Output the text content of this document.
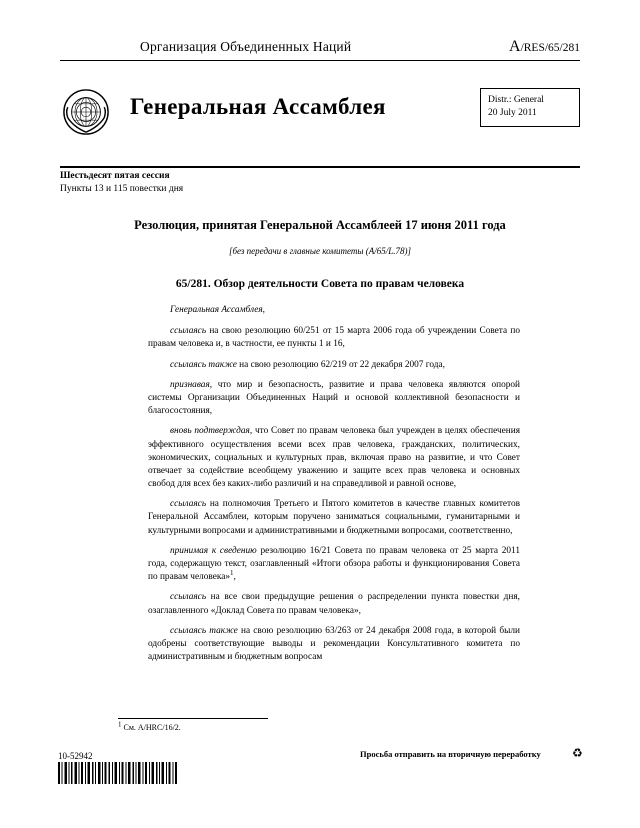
Организация Объединенных Наций	A/RES/65/281
Генеральная Ассамблея	Distr.: General
20 July 2011
Шестьдесят пятая сессия
Пункты 13 и 115 повестки дня
Резолюция, принятая Генеральной Ассамблеей 17 июня 2011 года
[без передачи в главные комитеты (A/65/L.78)]
65/281. Обзор деятельности Совета по правам человека

Генеральная Ассамблея,

ссылаясь на свою резолюцию 60/251 от 15 марта 2006 года об учреждении Совета по правам человека и, в частности, ее пункты 1 и 16,

ссылаясь также на свою резолюцию 62/219 от 22 декабря 2007 года,

признавая, что мир и безопасность, развитие и права человека являются опорой системы Организации Объединенных Наций и основой коллективной безопасности и благосостояния,

вновь подтверждая, что Совет по правам человека был учрежден в целях обеспечения эффективного осуществления всеми всех прав человека, гражданских, политических, экономических, социальных и культурных прав, включая право на развитие, и что Совет отвечает за содействие всеобщему уважению и защите всех прав человека и основных свобод для всех без каких-либо различий и на справедливой и равной основе,

ссылаясь на полномочия Третьего и Пятого комитетов в качестве главных комитетов Генеральной Ассамблеи, которым поручено заниматься социальными, гуманитарными и культурными вопросами и административными и бюджетными вопросами, соответственно,

принимая к сведению резолюцию 16/21 Совета по правам человека от 25 марта 2011 года, содержащую текст, озаглавленный «Итоги обзора работы и функционирования Совета по правам человека»$^1$,

ссылаясь на все свои предыдущие решения о распределении пункта повестки дня, озаглавленного «Доклад Совета по правам человека»,

ссылаясь также на свою резолюцию 63/263 от 24 декабря 2008 года, в которой были одобрены соответствующие выводы и рекомендации Консультативного комитета по административным и бюджетным вопросам

$^1$ См. A/HRC/16/2.
10-52942	Просьба отправить на вторичную переработку	♻
